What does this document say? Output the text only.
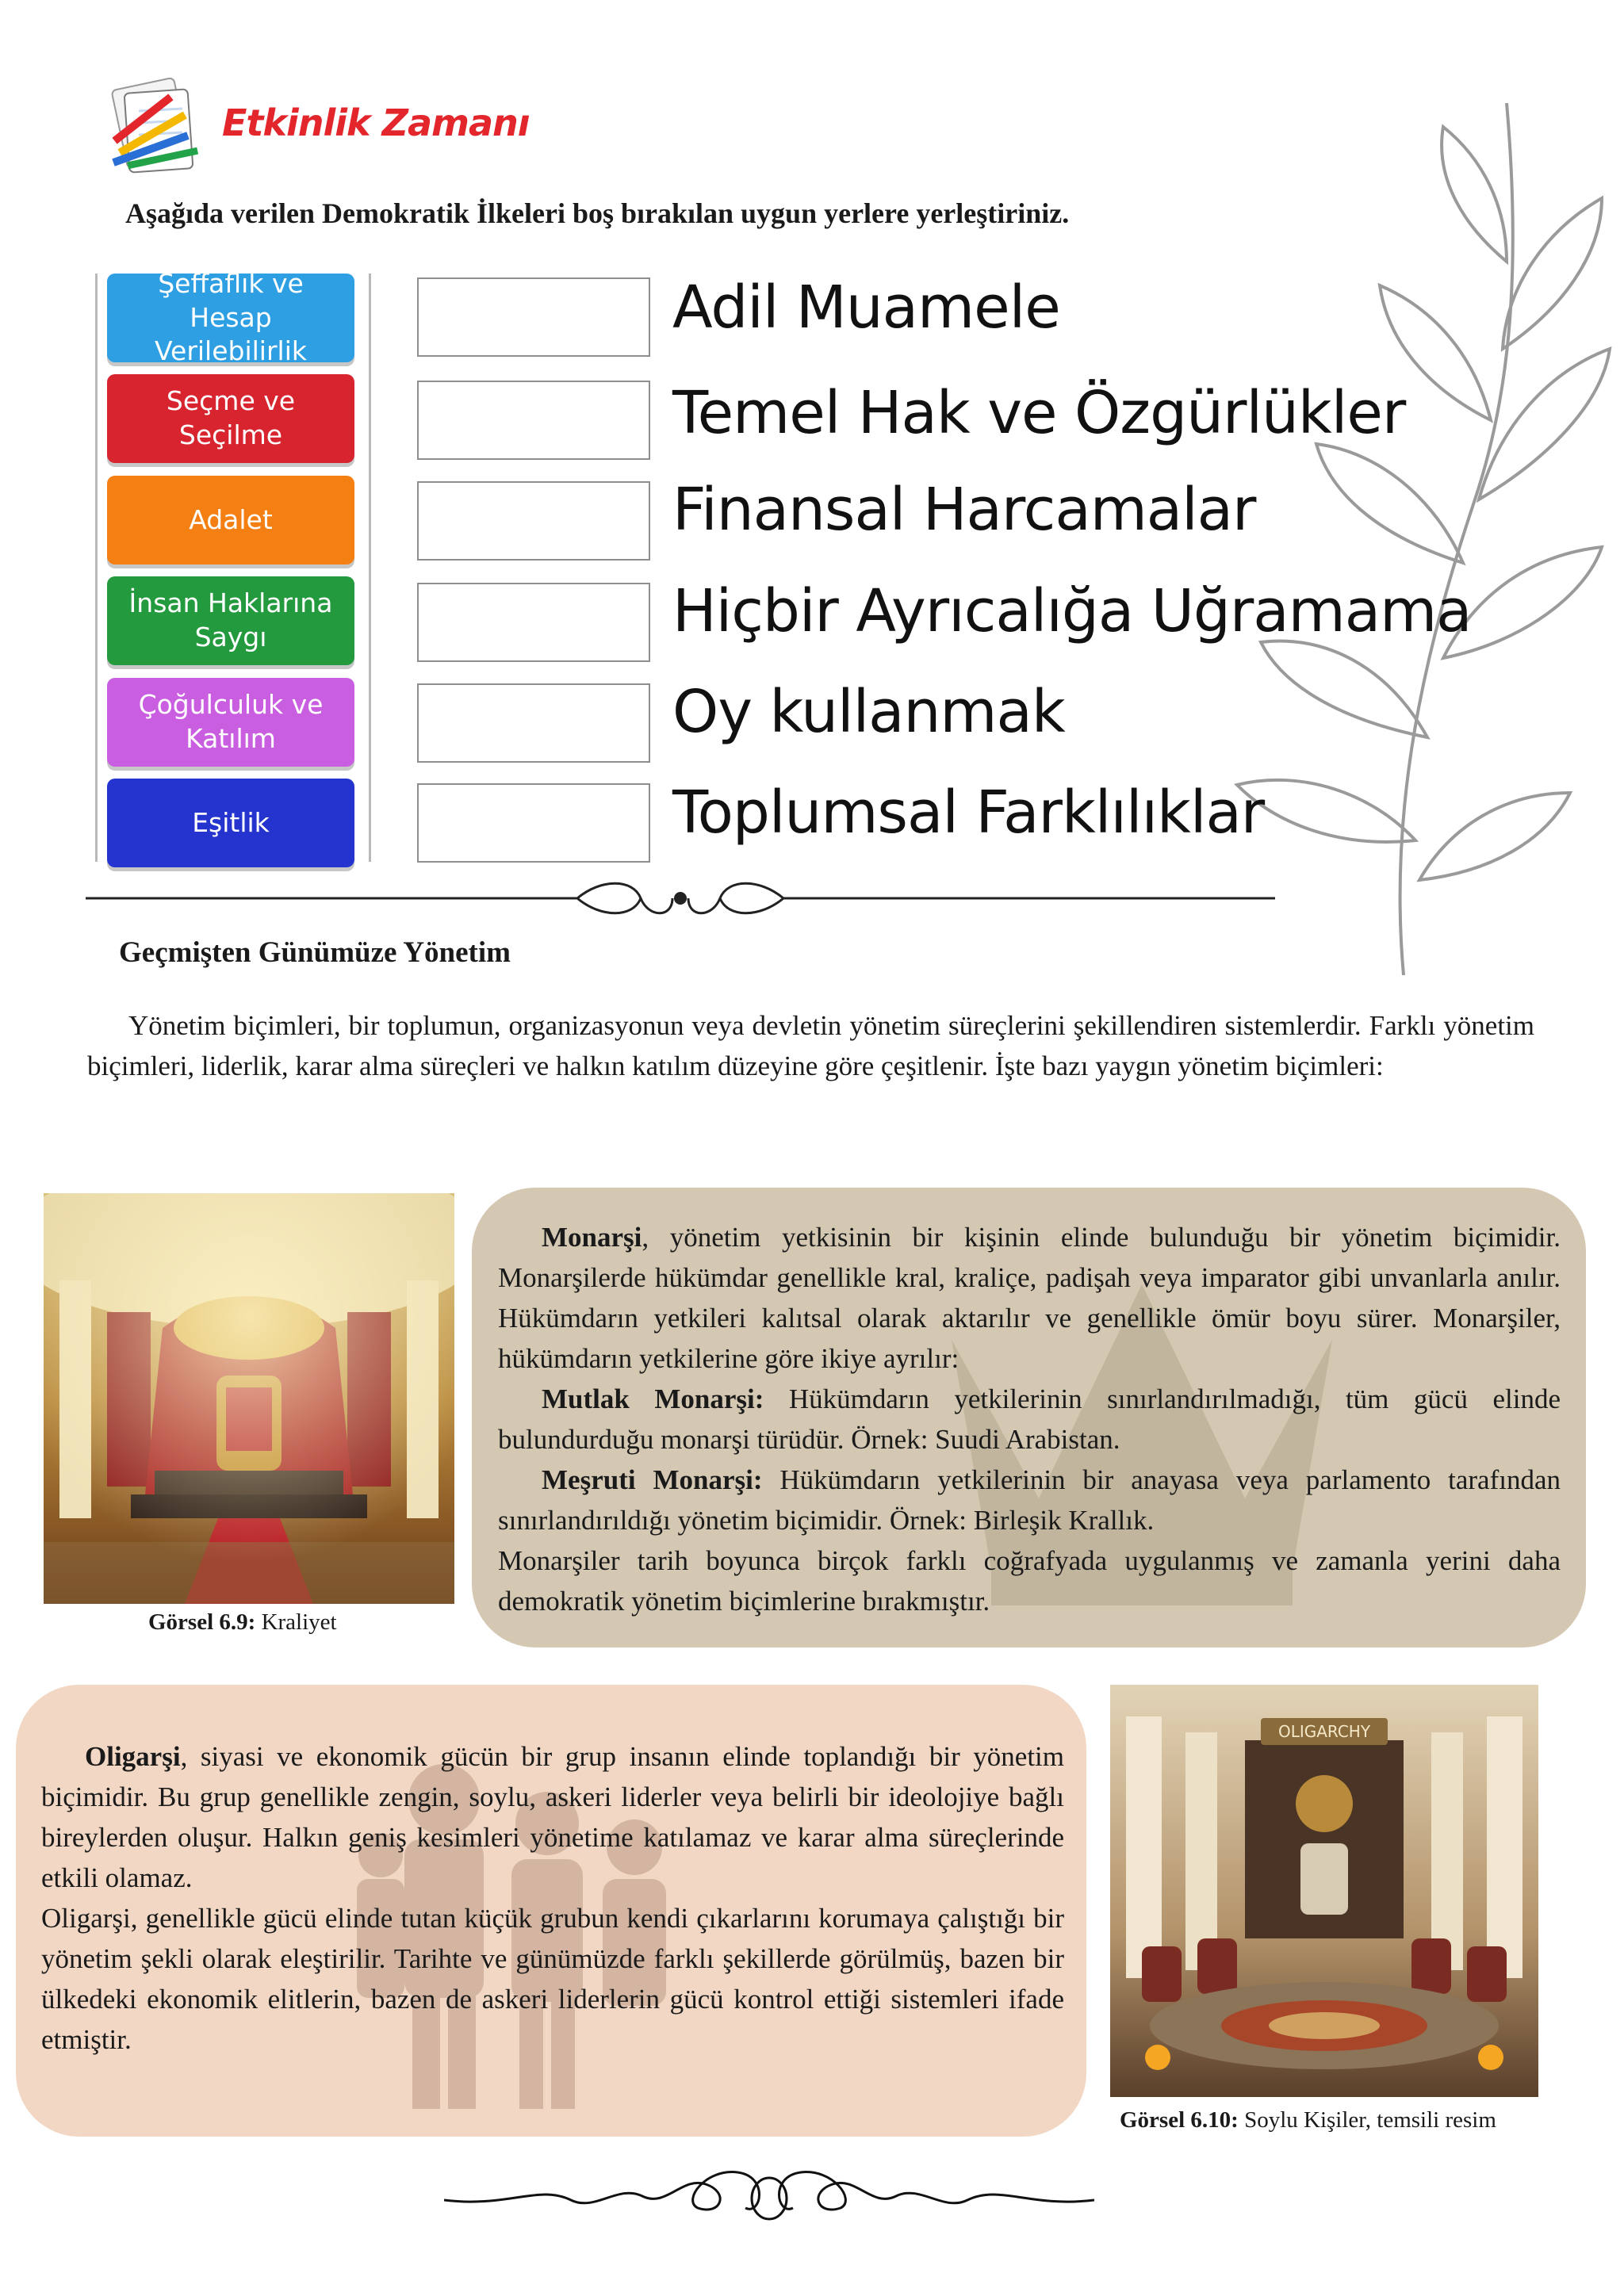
Etkinlik Zamanı
Aşağıda verilen Demokratik İlkeleri boş bırakılan uygun yerlere yerleştiriniz.
Şeffaflık ve Hesap Verilebilirlik
Seçme ve Seçilme
Adalet
İnsan Haklarına Saygı
Çoğulculuk ve Katılım
Eşitlik
Adil Muamele
Temel Hak ve Özgürlükler
Finansal Harcamalar
Hiçbir Ayrıcalığa Uğramama
Oy kullanmak
Toplumsal Farklılıklar
Geçmişten Günümüze Yönetim
Yönetim biçimleri, bir toplumun, organizasyonun veya devletin yönetim süreçlerini şekillendiren sistemlerdir. Farklı yönetim biçimleri, liderlik, karar alma süreçleri ve halkın katılım düzeyine göre çeşitlenir. İşte bazı yaygın yönetim biçimleri:
Görsel 6.9: Kraliyet

Monarşi, yönetim yetkisinin bir kişinin elinde bulunduğu bir yönetim biçimidir. Monarşilerde hükümdar genellikle kral, kraliçe, padişah veya imparator gibi unvanlarla anılır. Hükümdarın yetkileri kalıtsal olarak aktarılır ve genellikle ömür boyu sürer. Monarşiler, hükümdarın yetkilerine göre ikiye ayrılır:

Mutlak Monarşi: Hükümdarın yetkilerinin sınırlandırılmadığı, tüm gücü elinde bulundurduğu monarşi türüdür. Örnek: Suudi Arabistan.

Meşruti Monarşi: Hükümdarın yetkilerinin bir anayasa veya parlamento tarafından sınırlandırıldığı yönetim biçimidir. Örnek: Birleşik Krallık.

Monarşiler tarih boyunca birçok farklı coğrafyada uygulanmış ve zamanla yerini daha demokratik yönetim biçimlerine bırakmıştır.

Oligarşi, siyasi ve ekonomik gücün bir grup insanın elinde toplandığı bir yönetim biçimidir. Bu grup genellikle zengin, soylu, askeri liderler veya belirli bir ideolojiye bağlı bireylerden oluşur. Halkın geniş kesimleri yönetime katılamaz ve karar alma süreçlerinde etkili olamaz.

Oligarşi, genellikle gücü elinde tutan küçük grubun kendi çıkarlarını korumaya çalıştığı bir yönetim şekli olarak eleştirilir. Tarihte ve günümüzde farklı şekillerde görülmüş, bazen bir ülkedeki ekonomik elitlerin, bazen de askeri liderlerin gücü kontrol ettiği sistemleri ifade etmiştir.

OLIGARCHY
Görsel 6.10: Soylu Kişiler, temsili resim
